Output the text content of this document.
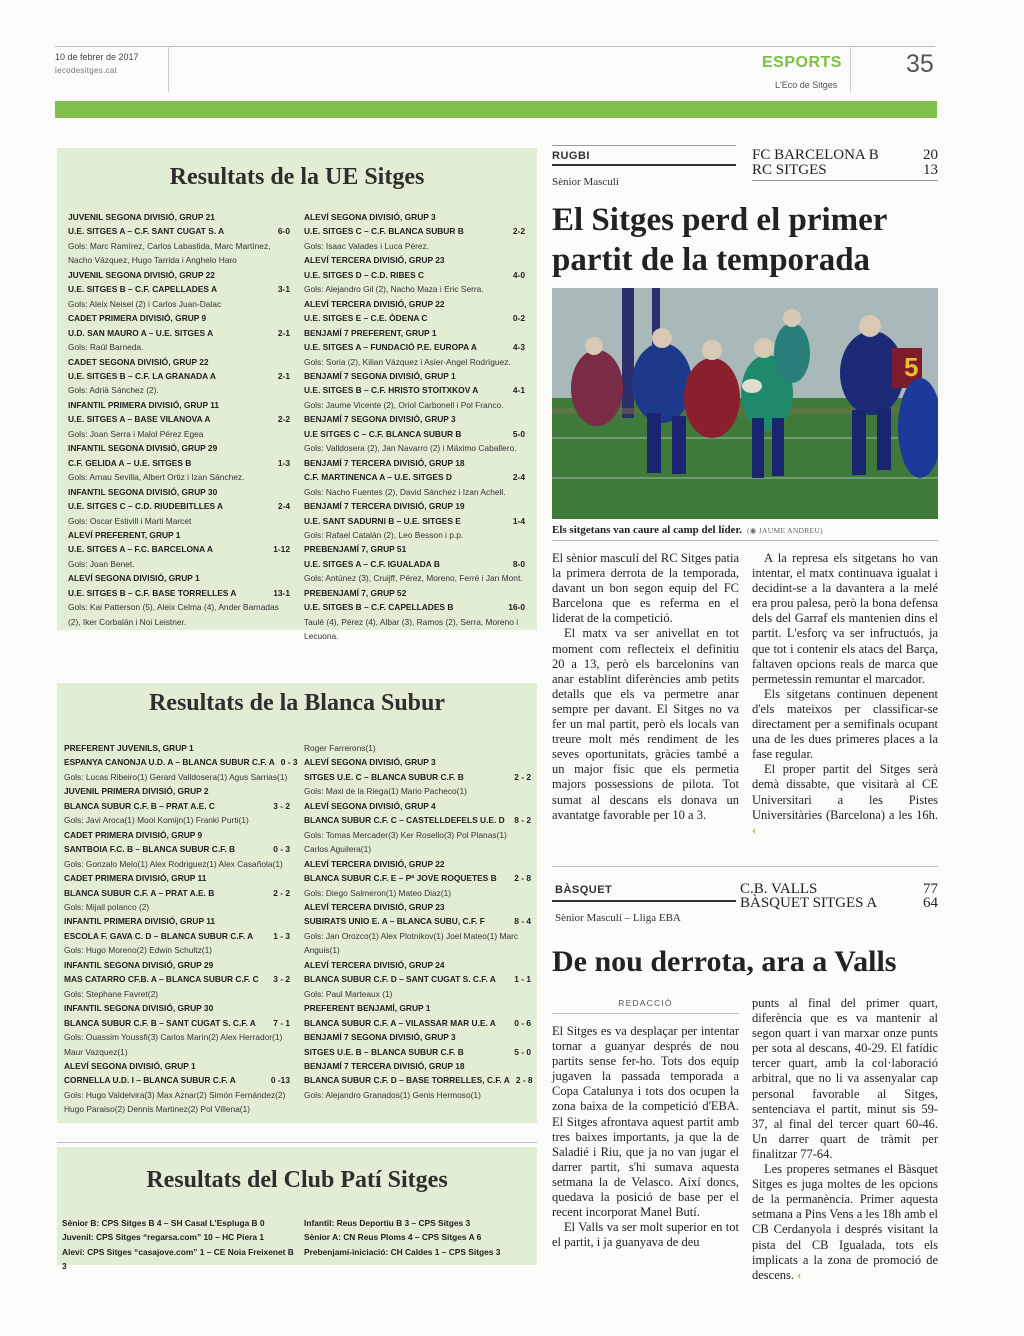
10 de febrer de 2017
lecodesitges.cat	ESPORTS
L'Eco de Sitges
35
Resultats de la UE Sitges
JUVENIL SEGONA DIVISIÓ, GRUP 21
U.E. SITGES A – C.F. SANT CUGAT S. A	6-0
Gols: Marc Ramírez, Carlos Labastida, Marc Martínez, Nacho Vázquez, Hugo Tarrida i Anghelo Haro
JUVENIL SEGONA DIVISIÓ, GRUP 22
U.E. SITGES B – C.F. CAPELLADES A	3-1
Gols: Aleix Neisel (2) i Carlos Juan-Dalac
CADET PRIMERA DIVISIÓ, GRUP 9
U.D. SAN MAURO A – U.E. SITGES A	2-1
Gols: Raúl Barneda.
CADET SEGONA DIVISIÓ, GRUP 22
U.E. SITGES B – C.F. LA GRANADA A	2-1
Gols: Adrià Sánchez (2).
INFANTIL PRIMERA DIVISIÓ, GRUP 11
U.E. SITGES A – BASE VILANOVA A	2-2
Gols: Joan Serra i Malol Pérez Egea
INFANTIL SEGONA DIVISIÓ, GRUP 29
C.F. GELIDA A – U.E. SITGES B	1-3
Gols: Arnau Sevilla, Albert Ortiz i Izan Sánchez.
INFANTIL SEGONA DIVISIÓ, GRUP 30
U.E. SITGES C – C.D. RIUDEBITLLES A	2-4
Gols: Oscar Estivill i Marti Marcet
ALEVÍ PREFERENT, GRUP 1
U.E. SITGES A – F.C. BARCELONA A	1-12
Gols: Joan Benet.
ALEVÍ SEGONA DIVISIÓ, GRUP 1
U.E. SITGES B – C.F. BASE TORRELLES A	13-1
Gols: Kai Patterson (5), Aleix Celma (4), Ander Barnadas (2), Iker Corbalán i Noi Leistner.
ALEVÍ SEGONA DIVISIÓ, GRUP 3
U.E. SITGES C – C.F. BLANCA SUBUR B	2-2
Gols: Isaac Valades i Luca Pérez.
ALEVÍ TERCERA DIVISIÓ, GRUP 23
U.E. SITGES D – C.D. RIBES C	4-0
Gols: Alejandro Gil (2), Nacho Maza i Eric Serra.
ALEVÍ TERCERA DIVISIÓ, GRUP 22
U.E. SITGES E – C.E. ÒDENA C	0-2
BENJAMÍ 7 PREFERENT, GRUP 1
U.E. SITGES A – FUNDACIÓ P.E. EUROPA A	4-3
Gols: Soria (2), Kilian Vázquez i Asier-Angel Rodríguez.
BENJAMÍ 7 SEGONA DIVISIÓ, GRUP 1
U.E. SITGES B – C.F. HRISTO STOITXKOV A	4-1
Gols: Jaume Vicente (2), Oriol Carbonell i Pol Franco.
BENJAMÍ 7 SEGONA DIVISIÓ, GRUP 3
U.E SITGES C – C.F. BLANCA SUBUR B	5-0
Gols: Valldosera (2), Jan Navarro (2) i Máximo Caballero.
BENJAMÍ 7 TERCERA DIVISIÓ, GRUP 18
C.F. MARTINENCA A – U.E. SITGES D	2-4
Gols: Nacho Fuentes (2), David Sánchez i Izan Achell.
BENJAMÍ 7 TERCERA DIVISIÓ, GRUP 19
U.E. SANT SADURNI B – U.E. SITGES E	1-4
Gols: Rafael Catalán (2), Leo Besson i p.p.
PREBENJAMÍ 7, GRUP 51
U.E. SITGES A – C.F. IGUALADA B	8-0
Gols: Antúnez (3), Cruijff, Pérez, Moreno, Ferré i Jan Mont.
PREBENJAMÍ 7, GRUP 52
U.E. SITGES B – C.F. CAPELLADES B	16-0
Taulé (4), Pérez (4), Albar (3), Ramos (2), Serra, Moreno i Lecuona.
Resultats de la Blanca Subur
PREFERENT JUVENILS, GRUP 1
ESPANYA CANONJA U.D. A – BLANCA SUBUR C.F. A 0 - 3
Gols: Lucas Ribeiro(1) Gerard Valldosera(1) Agus Sarrias(1)
JUVENIL PRIMERA DIVISIÓ, GRUP 2
BLANCA SUBUR C.F. B – PRAT A.E. C	3 - 2
Gols: Javi Aroca(1) Mooi Komijn(1) Franki Purti(1)
CADET PRIMERA DIVISIÓ, GRUP 9
SANTBOIA F.C. B – BLANCA SUBUR C.F. B	0 - 3
Gols: Gonzalo Melo(1) Alex Rodriguez(1) Alex Casañola(1)
CADET PRIMERA DIVISIÓ, GRUP 11
BLANCA SUBUR C.F. A – PRAT A.E. B	2 - 2
Gols: Mijail polanco (2)
INFANTIL PRIMERA DIVISIÓ, GRUP 11
ESCOLA F. GAVA C. D – BLANCA SUBUR C.F. A	1 - 3
Gols: Hugo Moreno(2) Edwin Schultz(1)
INFANTIL SEGONA DIVISIÓ, GRUP 29
MAS CATARRO CF.B. A – BLANCA SUBUR C.F. C	3 - 2
Gols: Stephane Favret(2)
INFANTIL SEGONA DIVISIÓ, GRUP 30
BLANCA SUBUR C.F. B – SANT CUGAT S. C.F. A	7 - 1
Gols: Ouassim Youssfi(3) Carlos Marín(2) Alex Herrador(1) Maur Vazquez(1)
ALEVÍ SEGONA DIVISIÓ, GRUP 1
CORNELLA U.D. I – BLANCA SUBUR C.F. A	0 -13
Gols: Hugo Valdelvira(3) Max Aznar(2) Simón Fernández(2) Hugo Paraiso(2) Dennis Martinez(2) Pol Villena(1)
Roger Farrerons(1)
ALEVÍ SEGONA DIVISIÓ, GRUP 3
SITGES U.E. C – BLANCA SUBUR C.F. B	2 - 2
Gols: Maxi de la Riega(1) Mario Pacheco(1)
ALEVÍ SEGONA DIVISIÓ, GRUP 4
BLANCA SUBUR C.F. C – CASTELLDEFELS U.E. D	8 - 2
Gols: Tomas Mercader(3) Ker Rosello(3) Pol Planas(1) Carlos Aguilera(1)
ALEVÍ TERCERA DIVISIÓ, GRUP 22
BLANCA SUBUR C.F. E – Pª JOVE ROQUETES B	2 - 8
Gols: Diego Salmeron(1) Mateo Diaz(1)
ALEVÍ TERCERA DIVISIÓ, GRUP 23
SUBIRATS UNIO E. A – BLANCA SUBU, C.F. F	8 - 4
Gols: Jan Orozco(1) Alex Plotnikov(1) Joel Mateo(1) Marc Anguis(1)
ALEVÍ TERCERA DIVISIÓ, GRUP 24
BLANCA SUBUR C.F. D – SANT CUGAT S. C.F. A	1 - 1
Gols: Paul Marteaux (1)
PREFERENT BENJAMÍ, GRUP 1
BLANCA SUBUR C.F. A – VILASSAR MAR U.E. A	0 - 6
BENJAMÍ 7 SEGONA DIVISIÓ, GRUP 3
SITGES U.E. B – BLANCA SUBUR C.F. B	5 - 0
BENJAMÍ 7 TERCERA DIVISIÓ, GRUP 18
BLANCA SUBUR C.F. D – BASE TORRELLES, C.F. A 2 - 8
Gols: Alejandro Granados(1) Genis Hermoso(1)
Resultats del Club Patí Sitges
Sènior B: CPS Sitges B 4 – SH Casal L'Espluga B 0
Juvenil: CPS Sitges “regarsa.com” 10 – HC Piera 1
Aleví: CPS Sitges “casajove.com” 1 – CE Noia Freixenet B 3
Infantil: Reus Deportiu B 3 – CPS Sitges 3
Sènior A: CN Reus Ploms 4 – CPS Sitges A 6
Prebenjamí-iniciació: CH Caldes 1 – CPS Sitges 3
RUGBI
Sènior Masculí
FC BARCELONA B	20
RC SITGES	13
El Sitges perd el primer partit de la temporada
5
Els sitgetans van caure al camp del líder.  (◉ JAUME ANDREU)

El sènior masculí del RC Sitges patia la primera derrota de la temporada, davant un bon segon equip del FC Barcelona que es referma en el liderat de la competició.

El matx va ser anivellat en tot moment com reflecteix el definitiu 20 a 13, però els barcelonins van anar establint diferències amb petits detalls que els va permetre anar sempre per davant. El Sitges no va fer un mal partit, però els locals van treure molt més rendiment de les seves oportunitats, gràcies també a un major físic que els permetia majors possessions de pilota. Tot sumat al descans els donava un avantatge favorable per 10 a 3.

A la represa els sitgetans ho van intentar, el matx continuava igualat i decidint-se a la davantera a la melé era prou palesa, però la bona defensa dels del Garraf els mantenien dins el partit. L'esforç va ser infructuós, ja que tot i contenir els atacs del Barça, faltaven opcions reals de marca que permetessin remuntar el marcador.

Els sitgetans continuen depenent d'els mateixos per classificar-se directament per a semifinals ocupant una de les dues primeres places a la fase regular.

El proper partit del Sitges serà demà dissabte, que visitarà al CE Universitari a les Pistes Universitàries (Barcelona) a les 16h. ‹

BÀSQUET
Sènior Masculí – Lliga EBA
C.B. VALLS	77
BÀSQUET SITGES A	64
De nou derrota, ara a Valls
REDACCIÓ

El Sitges es va desplaçar per intentar tornar a guanyar després de nou partits sense fer-ho. Tots dos equip jugaven la passada temporada a Copa Catalunya i tots dos ocupen la zona baixa de la competició d'EBA. El Sitges afrontava aquest partit amb tres baixes importants, ja que la de Saladié i Riu, que ja no van jugar el darrer partit, s'hi sumava aquesta setmana la de Velasco. Així doncs, quedava la posició de base per el recent incorporat Manel Butí.

El Valls va ser molt superior en tot el partit, i ja guanyava de deu

punts al final del primer quart, diferència que es va mantenir al segon quart i van marxar onze punts per sota al descans, 40-29. El fatídic tercer quart, amb la col·laboració arbitral, que no li va assenyalar cap personal favorable al Sitges, sentenciava el partit, minut sis 59-37, al final del tercer quart 60-46. Un darrer quart de tràmit per finalitzar 77-64.

Les properes setmanes el Bàsquet Sitges es juga moltes de les opcions de la permanència. Primer aquesta setmana a Pins Vens a les 18h amb el CB Cerdanyola i després visitant la pista del CB Igualada, tots els implicats a la zona de promoció de descens. ‹
